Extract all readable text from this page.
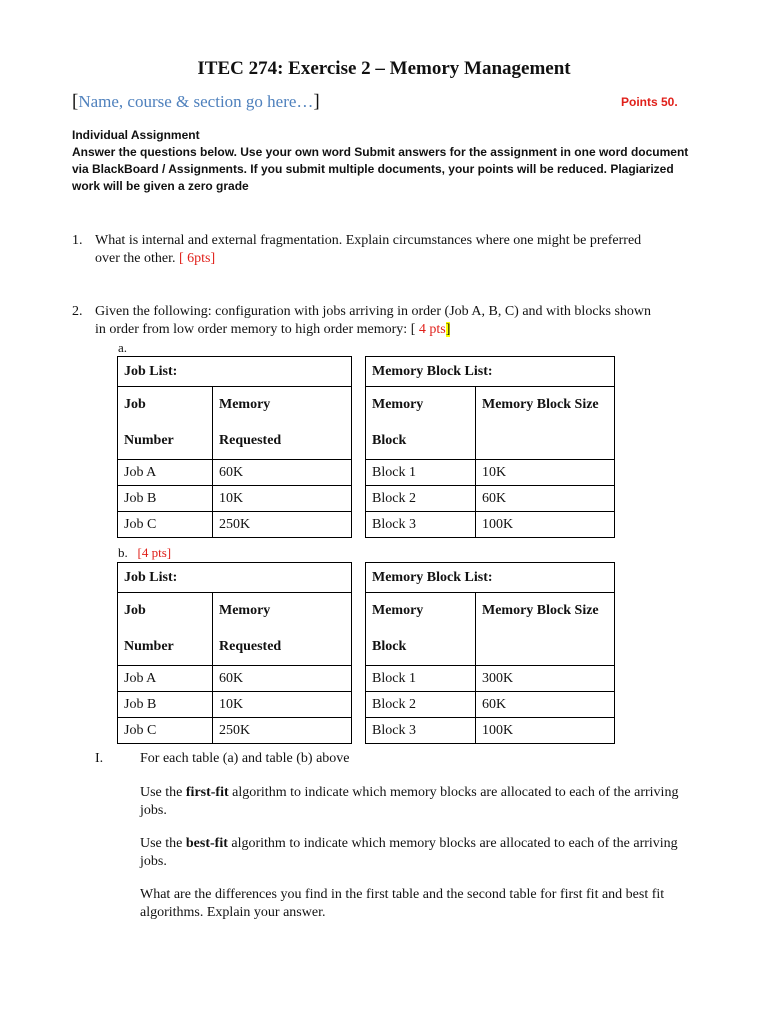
ITEC 274: Exercise 2 – Memory Management
[Name, course & section go here…]	Points 50.
Individual Assignment
Answer the questions below. Use your own word Submit answers for the assignment in one word document
via BlackBoard / Assignments. If you submit multiple documents, your points will be reduced. Plagiarized
work will be given a zero grade
1. What is internal and external fragmentation. Explain circumstances where one might be preferred
over the other. [ 6pts]
2. Given the following: configuration with jobs arriving in order (Job A, B, C) and with blocks shown
in order from low order memory to high order memory: [ 4 pts]
a.
Job List:	
Job
Number	Memory
Requested
Job A	60K
Job B	10K
Job C	250K
Memory Block List:	
Memory
Block	Memory Block Size
Block 1	10K
Block 2	60K
Block 3	100K
b. [4 pts]
Job List:	
Job
Number	Memory
Requested
Job A	60K
Job B	10K
Job C	250K
Memory Block List:	
Memory
Block	Memory Block Size
Block 1	300K
Block 2	60K
Block 3	100K
I.	For each table (a) and table (b) above
Use the first-fit algorithm to indicate which memory blocks are allocated to each of the arriving
jobs.
Use the best-fit algorithm to indicate which memory blocks are allocated to each of the arriving
jobs.
What are the differences you find in the first table and the second table for first fit and best fit
algorithms. Explain your answer.
